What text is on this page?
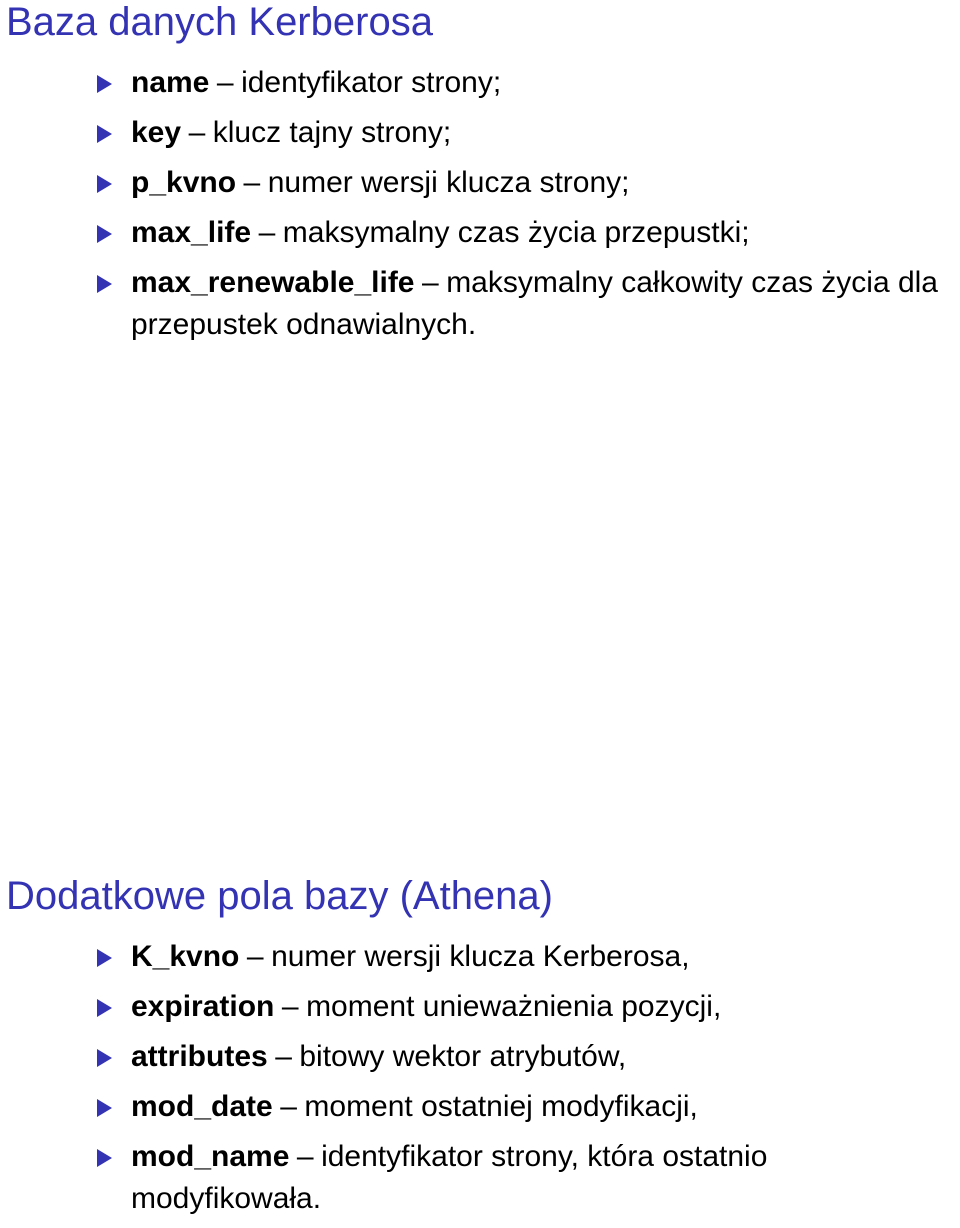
Baza danych Kerberosa
name – identyfikator strony;
key – klucz tajny strony;
p_kvno – numer wersji klucza strony;
max_life – maksymalny czas życia przepustki;
max_renewable_life – maksymalny całkowity czas życia dla przepustek odnawialnych.
Dodatkowe pola bazy (Athena)
K_kvno – numer wersji klucza Kerberosa,
expiration – moment unieważnienia pozycji,
attributes – bitowy wektor atrybutów,
mod_date – moment ostatniej modyfikacji,
mod_name – identyfikator strony, która ostatnio modyfikowała.
